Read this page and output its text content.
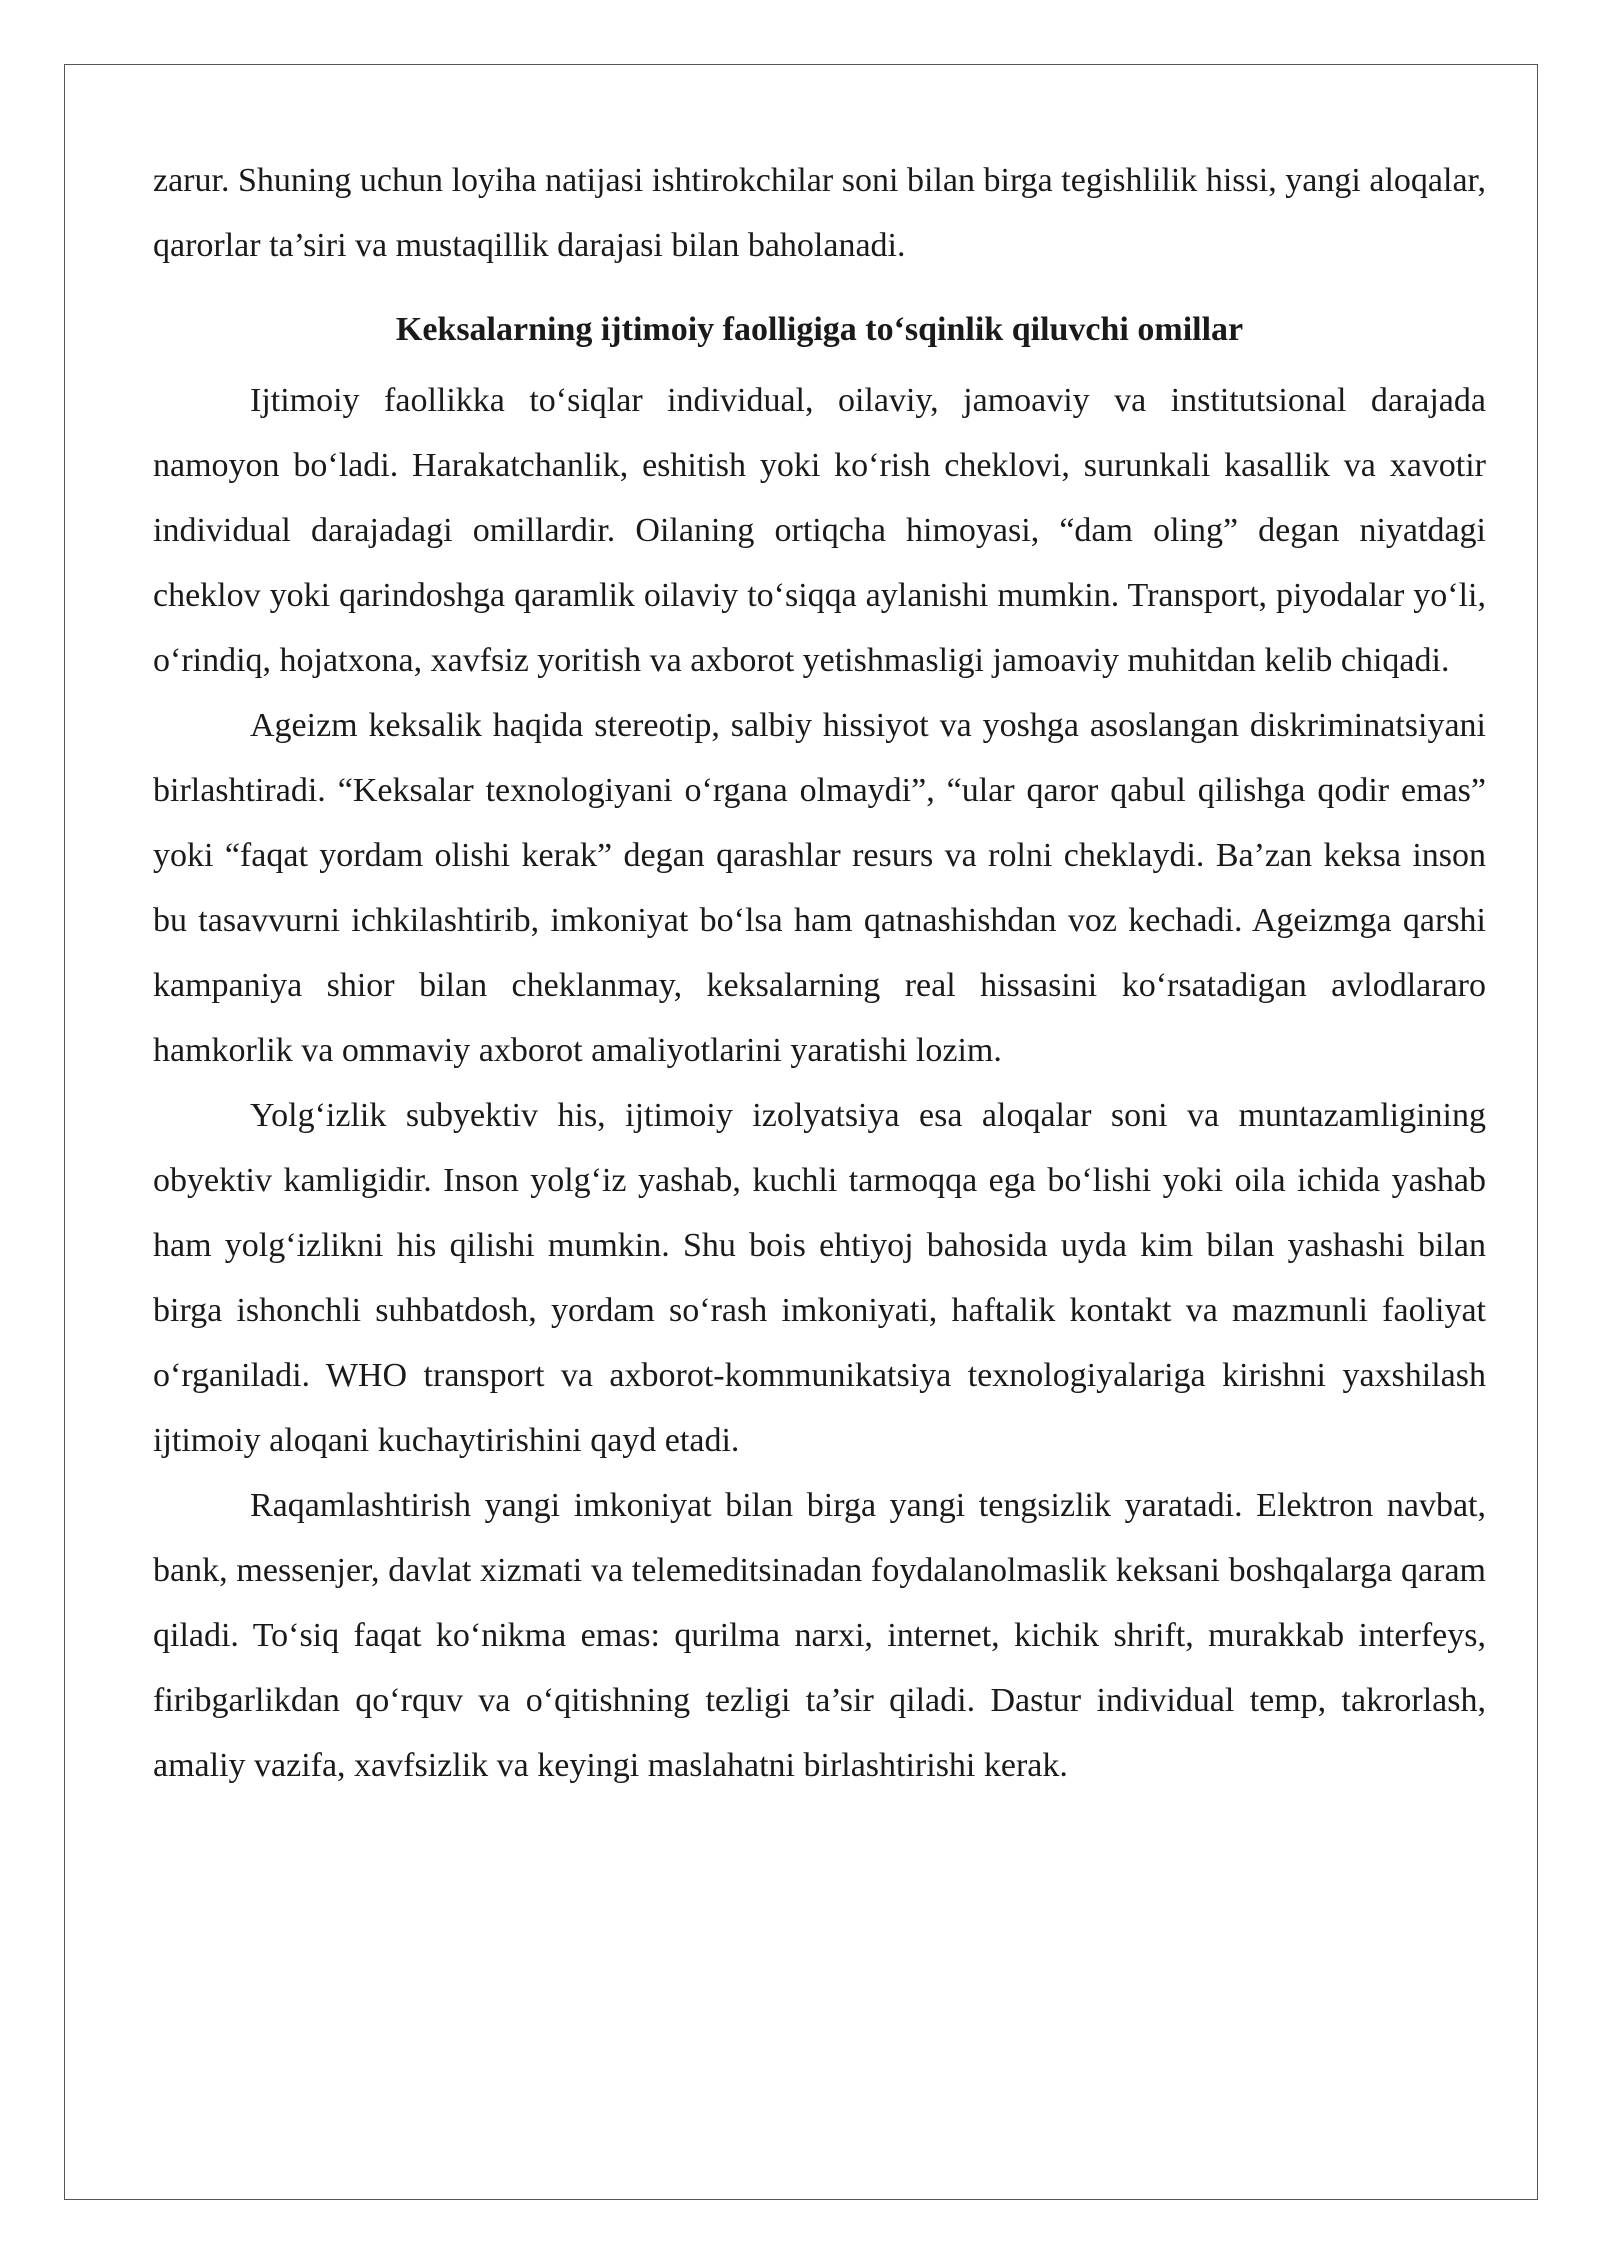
zarur. Shuning uchun loyiha natijasi ishtirokchilar soni bilan birga tegishlilik hissi, yangi aloqalar, qarorlar ta’siri va mustaqillik darajasi bilan baholanadi.

Keksalarning ijtimoiy faolligiga to‘sqinlik qiluvchi omillar

Ijtimoiy faollikka to‘siqlar individual, oilaviy, jamoaviy va institutsional darajada namoyon bo‘ladi. Harakatchanlik, eshitish yoki ko‘rish cheklovi, surunkali kasallik va xavotir individual darajadagi omillardir. Oilaning ortiqcha himoyasi, “dam oling” degan niyatdagi cheklov yoki qarindoshga qaramlik oilaviy to‘siqqa aylanishi mumkin. Transport, piyodalar yo‘li, o‘rindiq, hojatxona, xavfsiz yoritish va axborot yetishmasligi jamoaviy muhitdan kelib chiqadi.

Ageizm keksalik haqida stereotip, salbiy hissiyot va yoshga asoslangan diskriminatsiyani birlashtiradi. “Keksalar texnologiyani o‘rgana olmaydi”, “ular qaror qabul qilishga qodir emas” yoki “faqat yordam olishi kerak” degan qarashlar resurs va rolni cheklaydi. Ba’zan keksa inson bu tasavvurni ichkilashtirib, imkoniyat bo‘lsa ham qatnashishdan voz kechadi. Ageizmga qarshi kampaniya shior bilan cheklanmay, keksalarning real hissasini ko‘rsatadigan avlodlararo hamkorlik va ommaviy axborot amaliyotlarini yaratishi lozim.

Yolg‘izlik subyektiv his, ijtimoiy izolyatsiya esa aloqalar soni va muntazamligining obyektiv kamligidir. Inson yolg‘iz yashab, kuchli tarmoqqa ega bo‘lishi yoki oila ichida yashab ham yolg‘izlikni his qilishi mumkin. Shu bois ehtiyoj bahosida uyda kim bilan yashashi bilan birga ishonchli suhbatdosh, yordam so‘rash imkoniyati, haftalik kontakt va mazmunli faoliyat o‘rganiladi. WHO transport va axborot-kommunikatsiya texnologiyalariga kirishni yaxshilash ijtimoiy aloqani kuchaytirishini qayd etadi.

Raqamlashtirish yangi imkoniyat bilan birga yangi tengsizlik yaratadi. Elektron navbat, bank, messenjer, davlat xizmati va telemeditsinadan foydalanolmaslik keksani boshqalarga qaram qiladi. To‘siq faqat ko‘nikma emas: qurilma narxi, internet, kichik shrift, murakkab interfeys, firibgarlikdan qo‘rquv va o‘qitishning tezligi ta’sir qiladi. Dastur individual temp, takrorlash, amaliy vazifa, xavfsizlik va keyingi maslahatni birlashtirishi kerak.
